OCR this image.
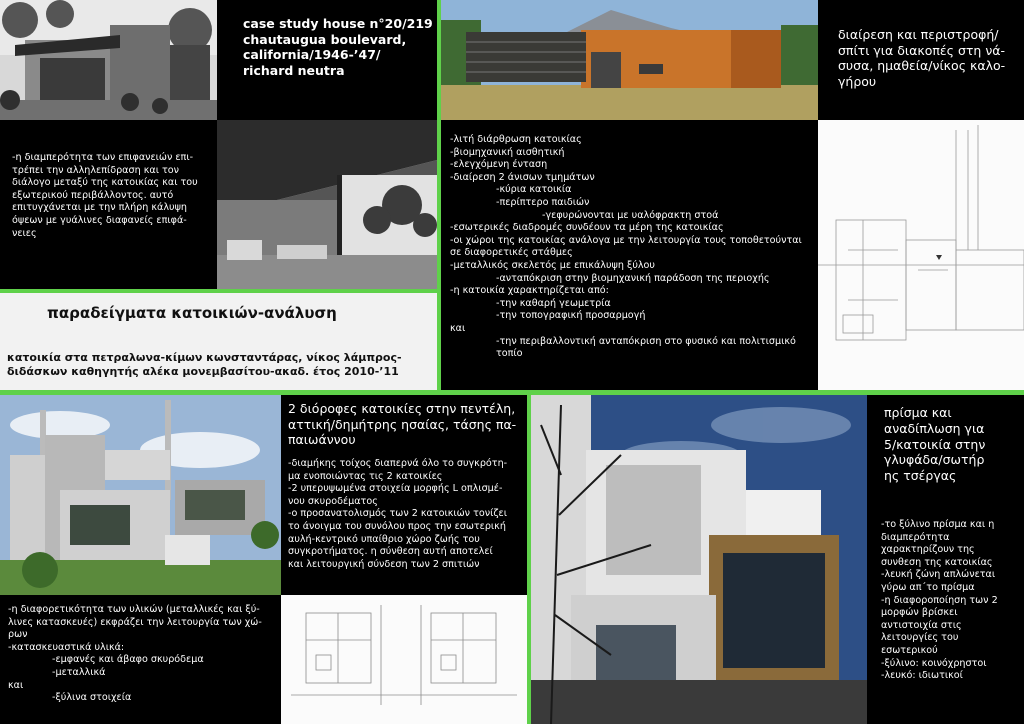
case study house n°20/219
chautaugua boulevard,
california/1946-’47/
richard neutra
-η διαμπερότητα των επιφανειών επι-
τρέπει την αλληλεπίδραση και τον
διάλογο μεταξύ της κατοικίας και του
εξωτερικού περιβάλλοντος. αυτό
επιτυγχάνεται με την πλήρη κάλυψη
όψεων με γυάλινες διαφανείς επιφά-
νειες
παραδείγματα κατοικιών-ανάλυση
κατοικία στα πετραλωνα-κίμων κωνσταντάρας, νίκος λάμπρος-
διδάσκων καθηγητής αλέκα μονεμβασίτου-ακαδ. έτος 2010-’11
διαίρεση και περιστροφή/
σπίτι για διακοπές στη νά-
συσα, ημαθεία/νίκος καλο-
γήρου
-λιτή διάρθρωση κατοικίας
-βιομηχανική αισθητική
-ελεγχόμενη ένταση
-διαίρεση 2 άνισων τμημάτων
-κύρια κατοικία
-περίπτερο παιδιών
-γεφυρώνονται με υαλόφρακτη στοά
-εσωτερικές διαδρομές συνδέουν τα μέρη της κατοικίας
-οι χώροι της κατοικίας ανάλογα με την λειτουργία τους τοποθετούνται
σε διαφορετικές στάθμες
-μεταλλικός σκελετός με επικάλυψη ξύλου
-ανταπόκριση στην βιομηχανική παράδοση της περιοχής
-η κατοικία χαρακτηρίζεται από:
-την καθαρή γεωμετρία
-την τοπογραφική προσαρμογή
και
-την περιβαλλοντική ανταπόκριση στο φυσικό και πολιτισμικό
τοπίο
2 διόροφες κατοικίες στην πεντέλη,
αττική/δημήτρης ησαίας, τάσης πα-
παιωάννου
-διαμήκης τοίχος διαπερνά όλο το συγκρότη-
μα ενοποιώντας τις 2 κατοικίες
-2 υπερυψωμένα στοιχεία μορφής L οπλισμέ-
νου σκυροδέματος
-ο προσανατολισμός των 2 κατοικιών τονίζει
το άνοιγμα του συνόλου προς την εσωτερική
αυλή-κεντρικό υπαίθριο χώρο ζωής του
συγκροτήματος. η σύνθεση αυτή αποτελεί
και λειτουργική σύνδεση των 2 σπιτιών
-η διαφορετικότητα των υλικών (μεταλλικές και ξύ-
λινες κατασκευές) εκφράζει την λειτουργία των χώ-
ρων
-κατασκευαστικά υλικά:
-εμφανές και άβαφο σκυρόδεμα
-μεταλλικά
και
-ξύλινα στοιχεία
πρίσμα και
αναδίπλωση για
5/κατοικία στην
γλυφάδα/σωτήρ
ης τσέργας
-το ξύλινο πρίσμα και η
διαμπερότητα
χαρακτηρίζουν της
συνθεση της κατοικίας
-λευκή ζώνη απλώνεται
γύρω απ΄το πρίσμα
-η διαφοροποίηση των 2
μορφών βρίσκει
αντιστοιχία στις
λειτουργίες του
εσωτερικού
-ξύλινο: κοινόχρηστοι
-λευκό: ιδιωτικοί
